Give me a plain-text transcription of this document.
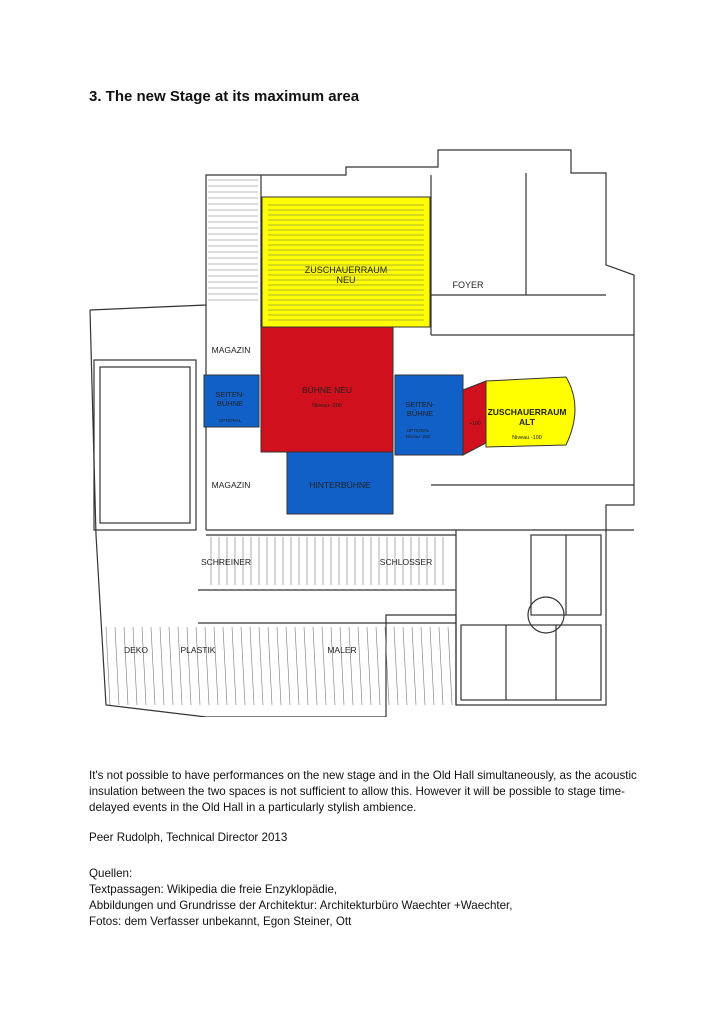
3. The new Stage at its maximum area
ZUSCHAUERRAUM NEU	FOYER
MAGAZIN
MAGAZIN
SEITEN-BÜHNE
OPTIONAL
BÜHNE NEU
Niveau -200	SEITEN-BÜHNE
OPTIONAL Niveau -200
+100
ZUSCHAUERRAUM ALT
Niveau -100
HINTERBÜHNE
SCHREINER	SCHLOSSER
DEKO	PLASTIK	MALER

It's not possible to have performances on the new stage and in the Old Hall simultaneously, as the acoustic insulation between the two spaces is not sufficient to allow this. However it will be possible to stage time-delayed events in the Old Hall in a particularly stylish ambience.

Peer Rudolph, Technical Director 2013

Quellen:
Textpassagen: Wikipedia die freie Enzyklopädie,
Abbildungen und Grundrisse der Architektur: Architekturbüro Waechter +Waechter,
Fotos: dem Verfasser unbekannt, Egon Steiner, Ott
